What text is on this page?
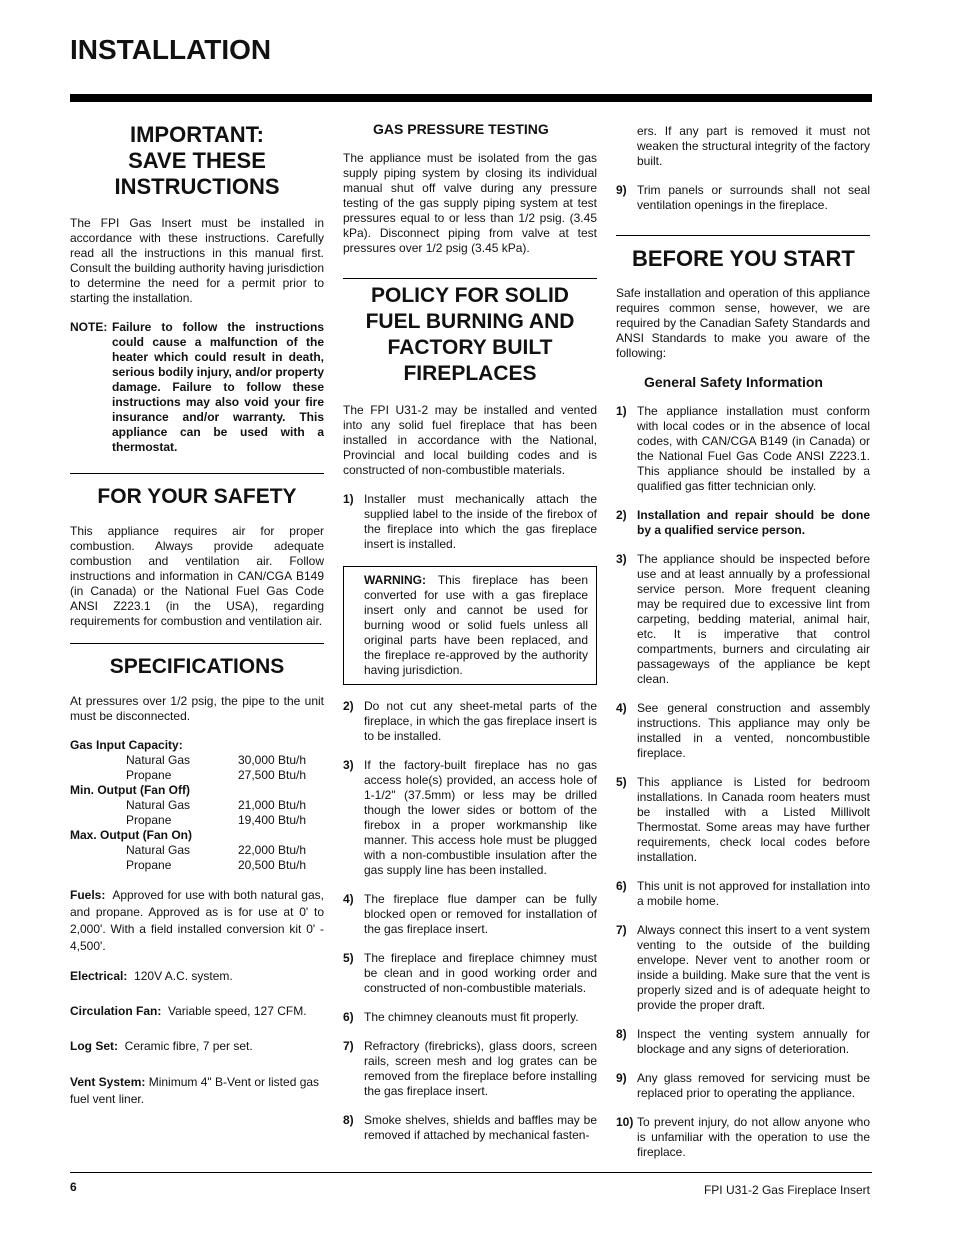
INSTALLATION
IMPORTANT:
SAVE THESE
INSTRUCTIONS

The FPI Gas Insert must be installed in accordance with these instructions. Carefully read all the instructions in this manual first. Consult the building authority having jurisdiction to determine the need for a permit prior to starting the installation.

NOTE: Failure to follow the instructions could cause a malfunction of the heater which could result in death, serious bodily injury, and/or property damage. Failure to follow these instructions may also void your fire insurance and/or warranty. This appliance can be used with a thermostat.
FOR YOUR SAFETY

This appliance requires air for proper combustion. Always provide adequate combustion and ventilation air. Follow instructions and information in CAN/CGA B149 (in Canada) or the National Fuel Gas Code ANSI Z223.1 (in the USA), regarding requirements for combustion and ventilation air.

SPECIFICATIONS

At pressures over 1/2 psig, the pipe to the unit must be disconnected.

Gas Input Capacity:
Natural Gas	30,000 Btu/h
Propane	27,500 Btu/h
Min. Output (Fan Off)
Natural Gas	21,000 Btu/h
Propane	19,400 Btu/h
Max. Output (Fan On)
Natural Gas	22,000 Btu/h
Propane	20,500 Btu/h

Fuels: Approved for use with both natural gas, and propane. Approved as is for use at 0' to 2,000'. With a field installed conversion kit 0' - 4,500'.

Electrical: 120V A.C. system.

Circulation Fan: Variable speed, 127 CFM.

Log Set: Ceramic fibre, 7 per set.

Vent System: Minimum 4" B-Vent or listed gas fuel vent liner.

GAS PRESSURE TESTING

The appliance must be isolated from the gas supply piping system by closing its individual manual shut off valve during any pressure testing of the gas supply piping system at test pressures equal to or less than 1/2 psig. (3.45 kPa). Disconnect piping from valve at test pressures over 1/2 psig (3.45 kPa).

POLICY FOR SOLID
FUEL BURNING AND
FACTORY BUILT
FIREPLACES

The FPI U31-2 may be installed and vented into any solid fuel fireplace that has been installed in accordance with the National, Provincial and local building codes and is constructed of non-combustible materials.

1) Installer must mechanically attach the supplied label to the inside of the firebox of the fireplace into which the gas fireplace insert is installed.
WARNING: This fireplace has been converted for use with a gas fireplace insert only and cannot be used for burning wood or solid fuels unless all original parts have been replaced, and the fireplace re-approved by the authority having jurisdiction.
2) Do not cut any sheet-metal parts of the fireplace, in which the gas fireplace insert is to be installed.
3) If the factory-built fireplace has no gas access hole(s) provided, an access hole of 1-1/2" (37.5mm) or less may be drilled though the lower sides or bottom of the firebox in a proper workmanship like manner. This access hole must be plugged with a non-combustible insulation after the gas supply line has been installed.
4) The fireplace flue damper can be fully blocked open or removed for installation of the gas fireplace insert.
5) The fireplace and fireplace chimney must be clean and in good working order and constructed of non-combustible materials.
6) The chimney cleanouts must fit properly.
7) Refractory (firebricks), glass doors, screen rails, screen mesh and log grates can be removed from the fireplace before installing the gas fireplace insert.
8) Smoke shelves, shields and baffles may be removed if attached by mechanical fasten-

ers. If any part is removed it must not weaken the structural integrity of the factory built.

9) Trim panels or surrounds shall not seal ventilation openings in the fireplace.
BEFORE YOU START

Safe installation and operation of this appliance requires common sense, however, we are required by the Canadian Safety Standards and ANSI Standards to make you aware of the following:

General Safety Information
1) The appliance installation must conform with local codes or in the absence of local codes, with CAN/CGA B149 (in Canada) or the National Fuel Gas Code ANSI Z223.1. This appliance should be installed by a qualified gas fitter technician only.
2) Installation and repair should be done by a qualified service person.
3) The appliance should be inspected before use and at least annually by a professional service person. More frequent cleaning may be required due to excessive lint from carpeting, bedding material, animal hair, etc. It is imperative that control compartments, burners and circulating air passageways of the appliance be kept clean.
4) See general construction and assembly instructions. This appliance may only be installed in a vented, noncombustible fireplace.
5) This appliance is Listed for bedroom installations. In Canada room heaters must be installed with a Listed Millivolt Thermostat. Some areas may have further requirements, check local codes before installation.
6) This unit is not approved for installation into a mobile home.
7) Always connect this insert to a vent system venting to the outside of the building envelope. Never vent to another room or inside a building. Make sure that the vent is properly sized and is of adequate height to provide the proper draft.
8) Inspect the venting system annually for blockage and any signs of deterioration.
9) Any glass removed for servicing must be replaced prior to operating the appliance.
10) To prevent injury, do not allow anyone who is unfamiliar with the operation to use the fireplace.
6	FPI U31-2 Gas Fireplace Insert
